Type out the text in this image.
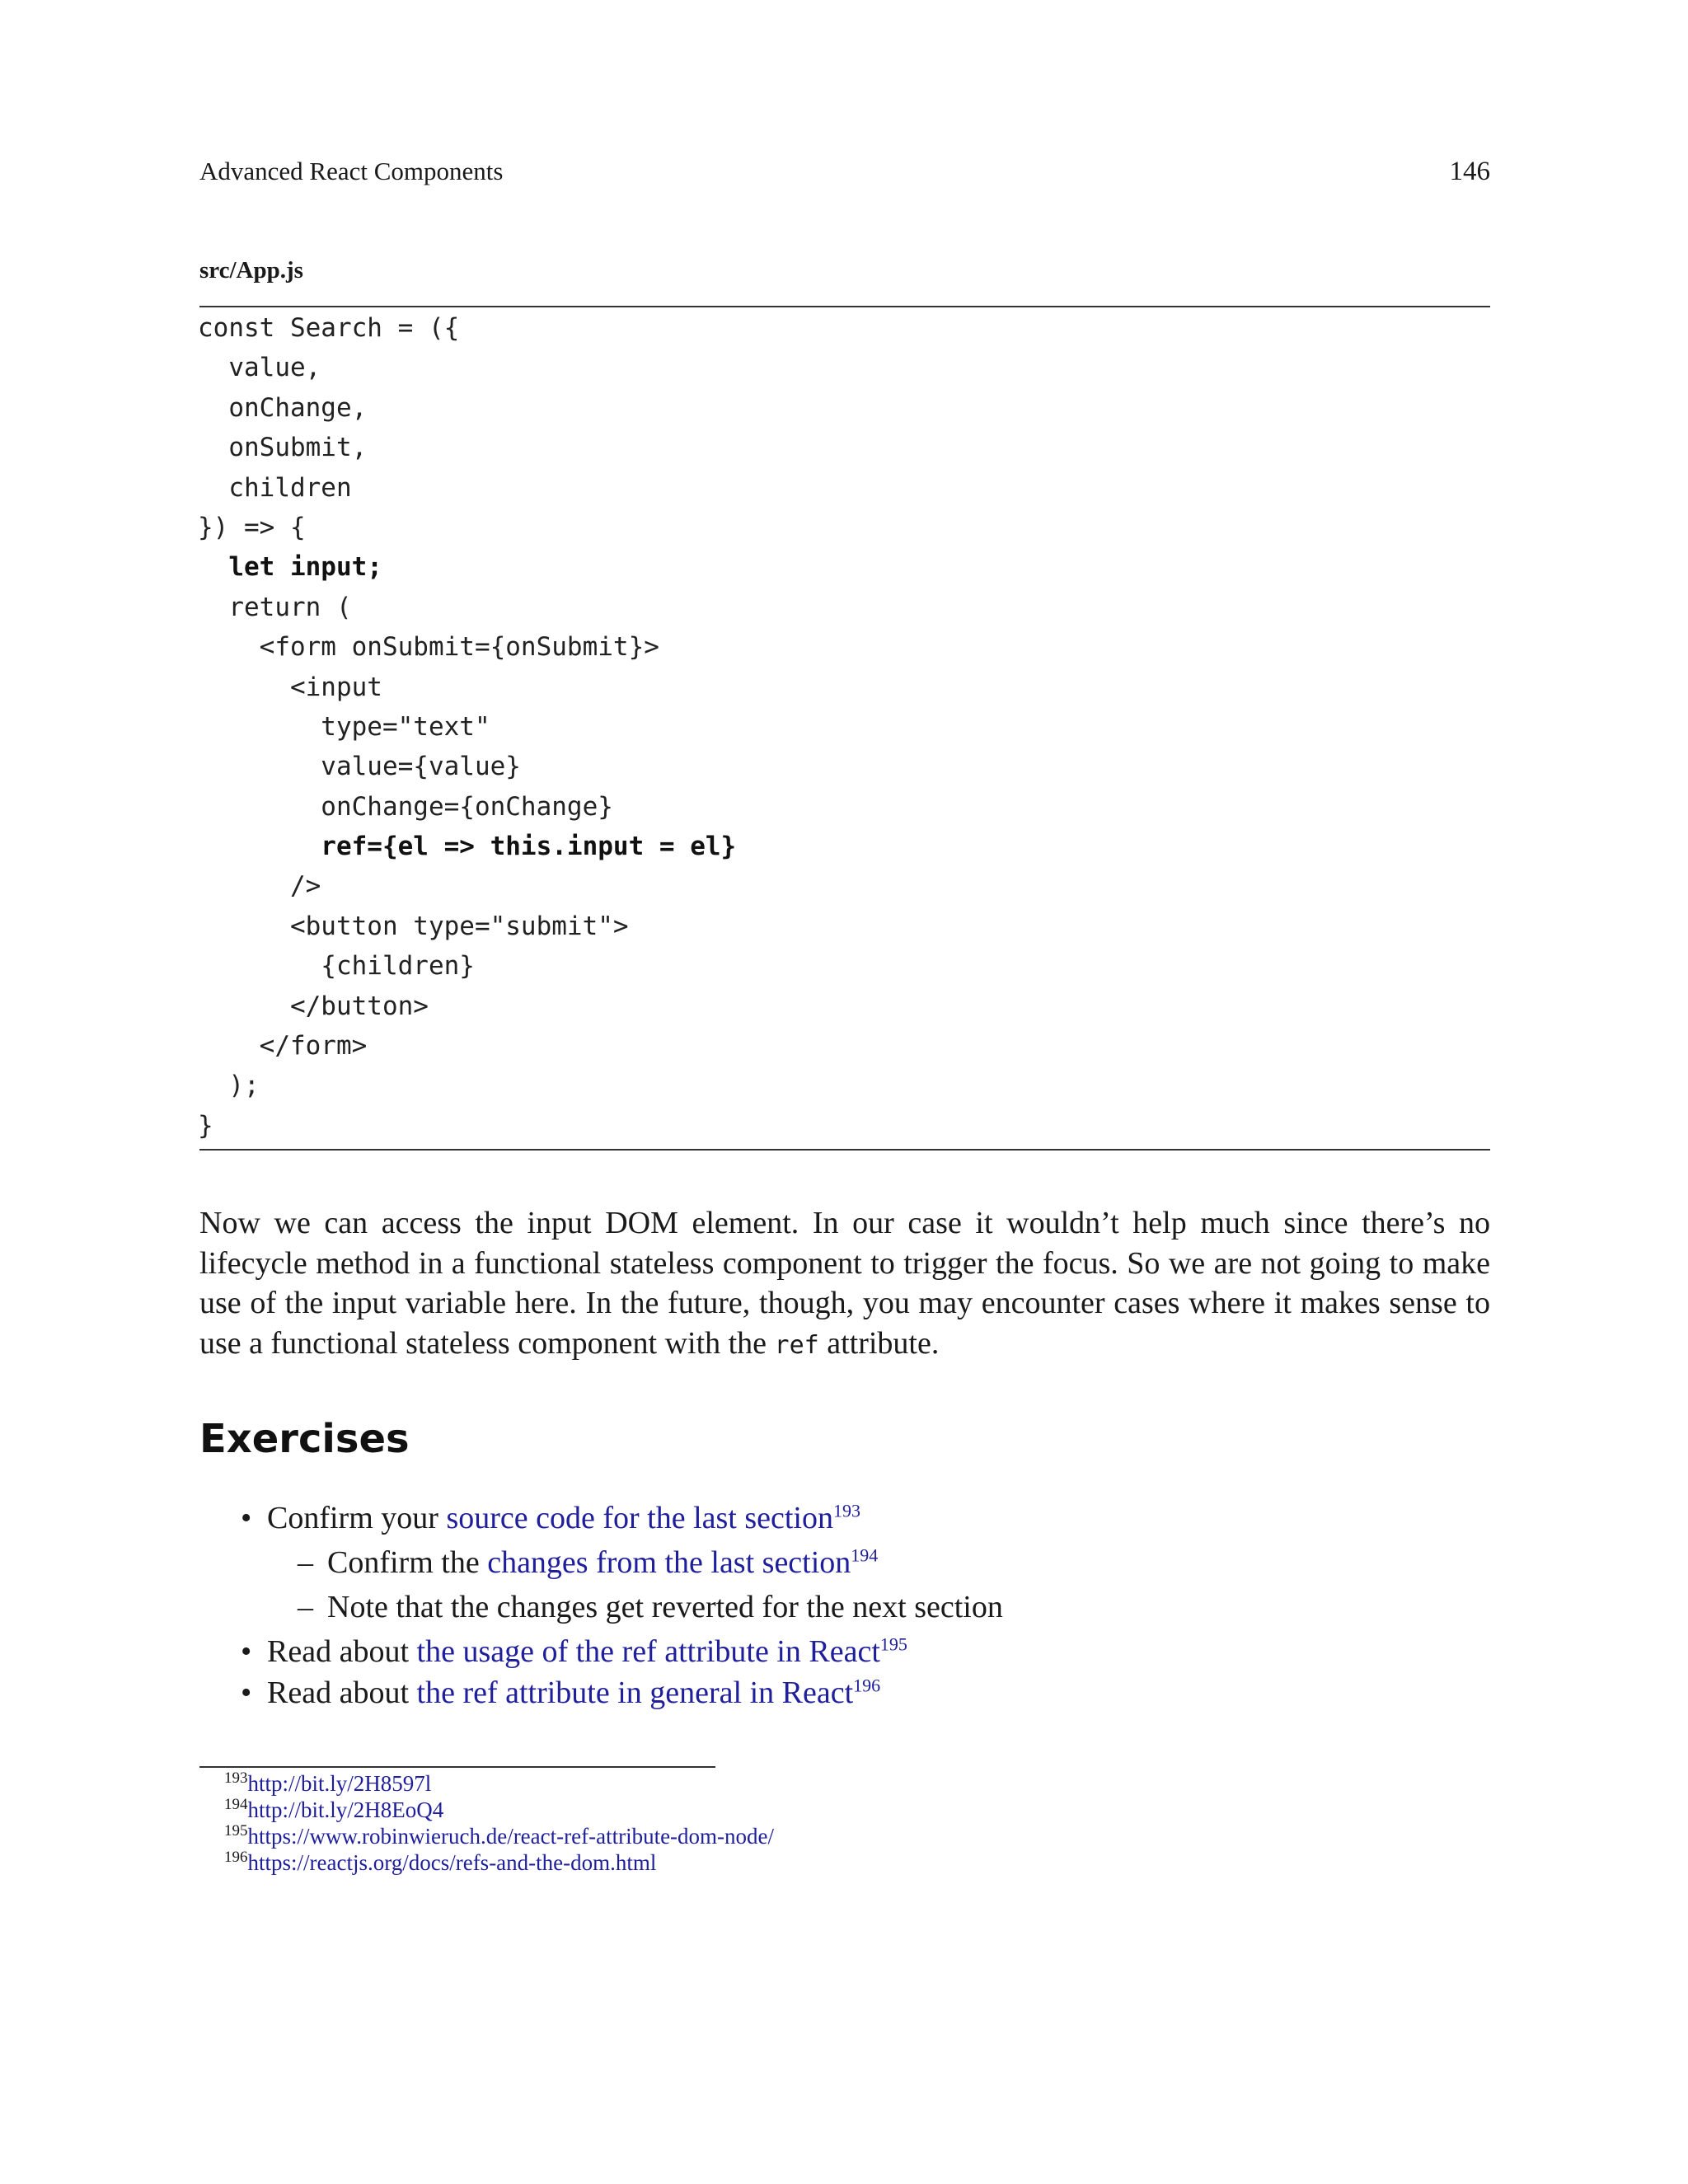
Advanced React Components	146
src/App.js
const Search = ({
value,
onChange,
onSubmit,
children
}) => {
let input;
return (
<form onSubmit={onSubmit}>
<input
type="text"
value={value}
onChange={onChange}
ref={el => this.input = el}
/>
<button type="submit">
{children}
</button>
</form>
);
}

Now we can access the input DOM element. In our case it wouldn’t help much since there’s no lifecycle method in a functional stateless component to trigger the focus. So we are not going to make use of the input variable here. In the future, though, you may encounter cases where it makes sense to use a functional stateless component with the ref attribute.

Exercises
• Confirm your source code for the last section$^{193}$
– Confirm the changes from the last section$^{194}$
– Note that the changes get reverted for the next section
• Read about the usage of the ref attribute in React$^{195}$
• Read about the ref attribute in general in React$^{196}$
$^{193}$http://bit.ly/2H8597l
$^{194}$http://bit.ly/2H8EoQ4
$^{195}$https://www.robinwieruch.de/react-ref-attribute-dom-node/
$^{196}$https://reactjs.org/docs/refs-and-the-dom.html
